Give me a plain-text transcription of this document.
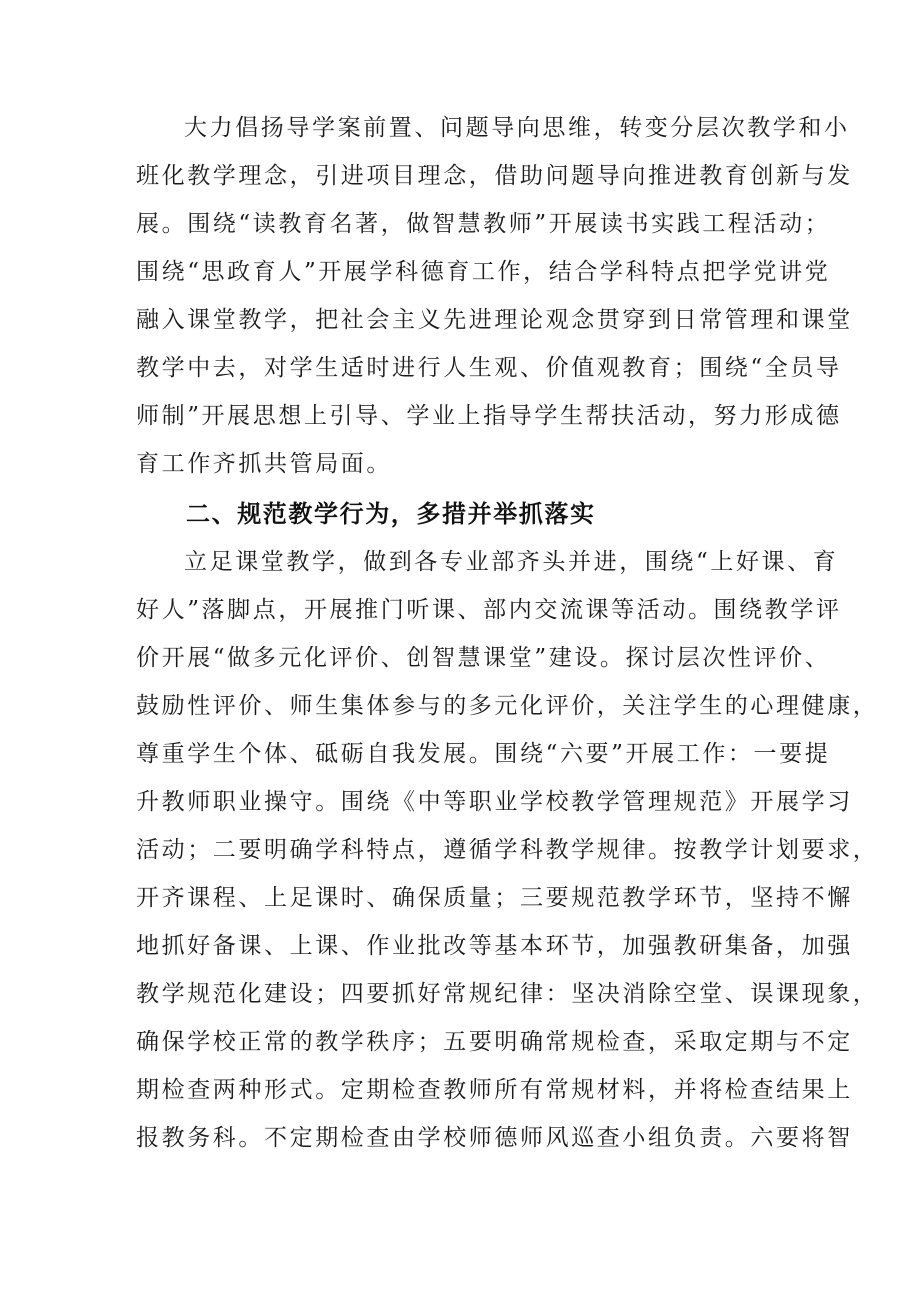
大力倡扬导学案前置、问题导向思维，转变分层次教学和小
班化教学理念，引进项目理念，借助问题导向推进教育创新与发
展。围绕“读教育名著，做智慧教师”开展读书实践工程活动；
围绕“思政育人”开展学科德育工作，结合学科特点把学党讲党
融入课堂教学，把社会主义先进理论观念贯穿到日常管理和课堂
教学中去，对学生适时进行人生观、价值观教育；围绕“全员导
师制”开展思想上引导、学业上指导学生帮扶活动，努力形成德
育工作齐抓共管局面。
二、规范教学行为，多措并举抓落实
立足课堂教学，做到各专业部齐头并进，围绕“上好课、育
好人”落脚点，开展推门听课、部内交流课等活动。围绕教学评
价开展“做多元化评价、创智慧课堂”建设。探讨层次性评价、
鼓励性评价、师生集体参与的多元化评价，关注学生的心理健康，
尊重学生个体、砥砺自我发展。围绕“六要”开展工作：一要提
升教师职业操守。围绕《中等职业学校教学管理规范》开展学习
活动；二要明确学科特点，遵循学科教学规律。按教学计划要求，
开齐课程、上足课时、确保质量；三要规范教学环节，坚持不懈
地抓好备课、上课、作业批改等基本环节，加强教研集备，加强
教学规范化建设；四要抓好常规纪律：坚决消除空堂、误课现象，
确保学校正常的教学秩序；五要明确常规检查，采取定期与不定
期检查两种形式。定期检查教师所有常规材料，并将检查结果上
报教务科。不定期检查由学校师德师风巡查小组负责。六要将智
